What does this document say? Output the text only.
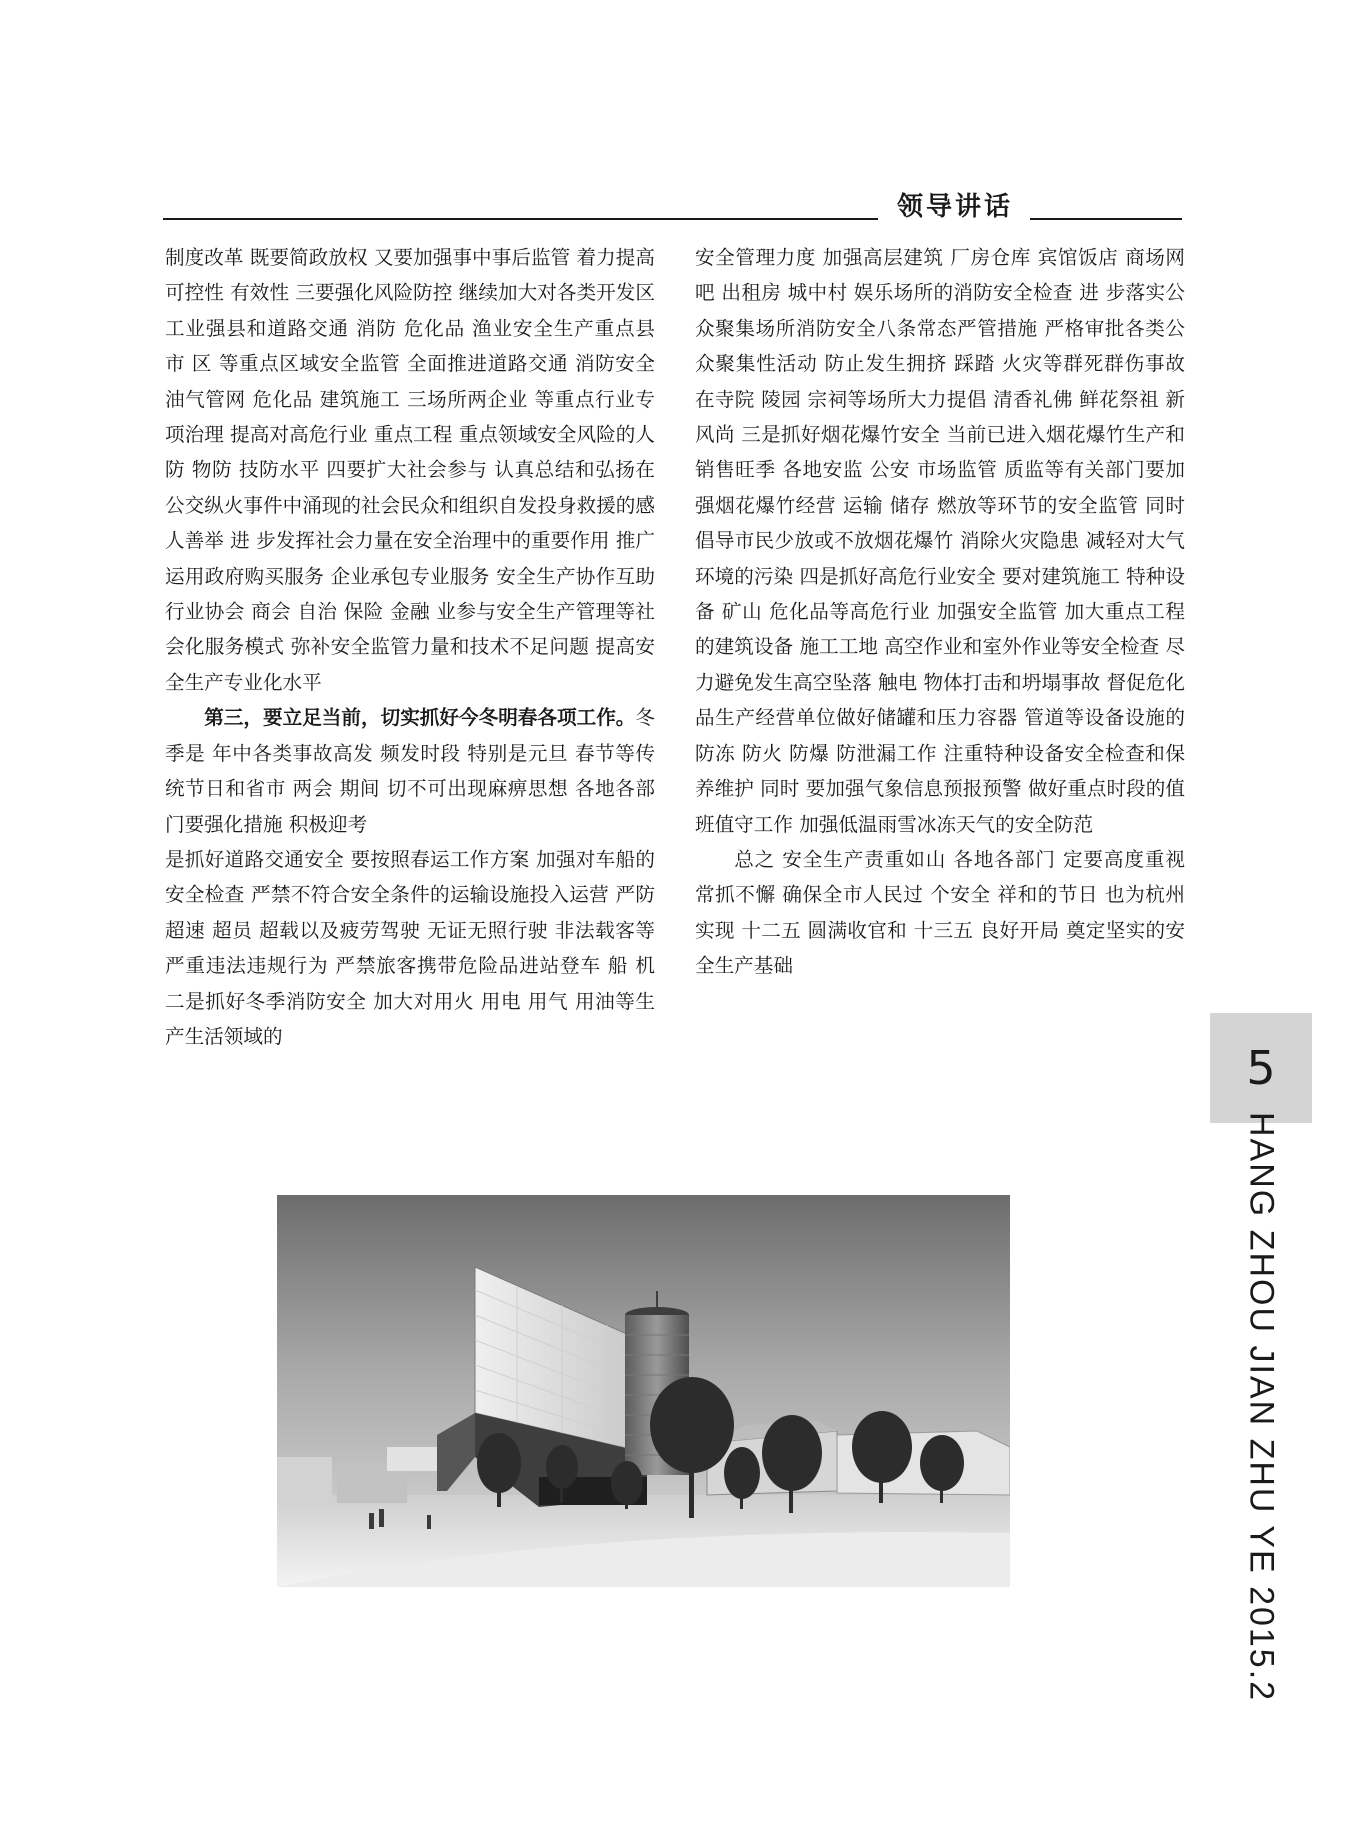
领导讲话

制度改革 既要简政放权 又要加强事中事后监管 着力提高可控性 有效性 三要强化风险防控 继续加大对各类开发区 工业强县和道路交通 消防 危化品 渔业安全生产重点县 市 区 等重点区域安全监管 全面推进道路交通 消防安全 油气管网 危化品 建筑施工 三场所两企业 等重点行业专项治理 提高对高危行业 重点工程 重点领域安全风险的人防 物防 技防水平 四要扩大社会参与 认真总结和弘扬在　　公交纵火事件中涌现的社会民众和组织自发投身救援的感人善举 进 步发挥社会力量在安全治理中的重要作用 推广运用政府购买服务 企业承包专业服务 安全生产协作互助 行业协会 商会 自治 保险 金融 业参与安全生产管理等社会化服务模式 弥补安全监管力量和技术不足问题 提高安全生产专业化水平

第三，要立足当前，切实抓好今冬明春各项工作。冬季是 年中各类事故高发 频发时段 特别是元旦 春节等传统节日和省市 两会 期间 切不可出现麻痹思想 各地各部门要强化措施 积极迎考

是抓好道路交通安全 要按照春运工作方案 加强对车船的安全检查 严禁不符合安全条件的运输设施投入运营 严防超速 超员 超载以及疲劳驾驶 无证无照行驶 非法载客等严重违法违规行为 严禁旅客携带危险品进站登车 船 机 二是抓好冬季消防安全 加大对用火 用电 用气 用油等生产生活领域的

安全管理力度 加强高层建筑 厂房仓库 宾馆饭店 商场网吧 出租房 城中村 娱乐场所的消防安全检查 进 步落实公众聚集场所消防安全八条常态严管措施 严格审批各类公众聚集性活动 防止发生拥挤 踩踏 火灾等群死群伤事故 在寺院 陵园 宗祠等场所大力提倡 清香礼佛 鲜花祭祖 新风尚 三是抓好烟花爆竹安全 当前已进入烟花爆竹生产和销售旺季 各地安监 公安 市场监管 质监等有关部门要加强烟花爆竹经营 运输 储存 燃放等环节的安全监管 同时 倡导市民少放或不放烟花爆竹 消除火灾隐患 减轻对大气环境的污染 四是抓好高危行业安全 要对建筑施工 特种设备 矿山 危化品等高危行业 加强安全监管 加大重点工程的建筑设备 施工工地 高空作业和室外作业等安全检查 尽力避免发生高空坠落 触电 物体打击和坍塌事故 督促危化品生产经营单位做好储罐和压力容器 管道等设备设施的防冻 防火 防爆 防泄漏工作 注重特种设备安全检查和保养维护 同时 要加强气象信息预报预警 做好重点时段的值班值守工作 加强低温雨雪冰冻天气的安全防范

总之 安全生产责重如山 各地各部门 定要高度重视 常抓不懈 确保全市人民过 个安全 祥和的节日 也为杭州实现 十二五 圆满收官和 十三五 良好开局 奠定坚实的安全生产基础

5
HANG ZHOU JIAN ZHU YE 2015.2
